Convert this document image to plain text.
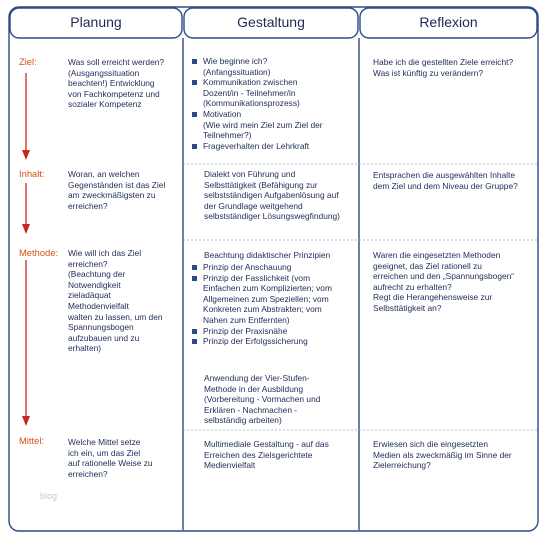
Planung	Gestaltung	Reflexion
Ziel:
Inhalt:
Methode:
Mittel:

Was soll erreicht werden?

(Ausgangssituation

beachten!) Entwicklung

von Fachkompetenz und

sozialer Kompetenz

Woran, an welchen

Gegenständen ist das Ziel

am zweckmäßigsten zu

erreichen?

Wie will ich das Ziel

erreichen?

(Beachtung der

Notwendigkeit

zieladäquat

Methodenvielfalt

walten zu lassen, um den

Spannungsbogen

aufzubauen und zu

erhalten)

Welche Mittel setze

ich ein, um das Ziel

auf rationelle Weise zu

erreichen?

Wie beginne ich?
(Anfangssituation)
Kommunikation zwischen
Dozent/in - Teilnehmer/in
(Kommunikationsprozess)
Motivation
(Wie wird mein Ziel zum Ziel der
Teilnehmer?)
Frageverhalten der Lehrkraft

Dialekt von Führung und

Selbsttätigkeit (Befähigung zur

selbstständigen Aufgabenlösung auf

der Grundlage weitgehend

selbstständiger Lösungswegfindung)

Beachtung didaktischer Prinzipien

Prinzip der Anschauung
Prinzip der Fasslichkeit (vom
Einfachen zum Komplizierten; vom
Allgemeinen zum Speziellen; vom
Konkreten zum Abstrakten; vom
Nahen zum Entfernten)
Prinzip der Praxisnähe
Prinzip der Erfolgssicherung

Anwendung der Vier-Stufen-

Methode in der Ausbildung

(Vorbereitung - Vormachen und

Erklären - Nachmachen -

selbständig arbeiten)

Multimediale Gestaltung - auf das

Erreichen des Zielsgerichtete

Medienvielfalt

Habe ich die gestellten Ziele erreicht?

Was ist künftig zu verändern?

Entsprachen die ausgewählten Inhalte

dem Ziel und dem Niveau der Gruppe?

Waren die eingesetzten Methoden

geeignet, das Ziel rationell zu

erreichen und den „Spannungsbogen“

aufrecht zu erhalten?

Regt die Herangehensweise zur

Selbsttätigkeit an?

Erwiesen sich die eingesetzten

Medien als zweckmäßig im Sinne der

Zielerreichung?

blog
